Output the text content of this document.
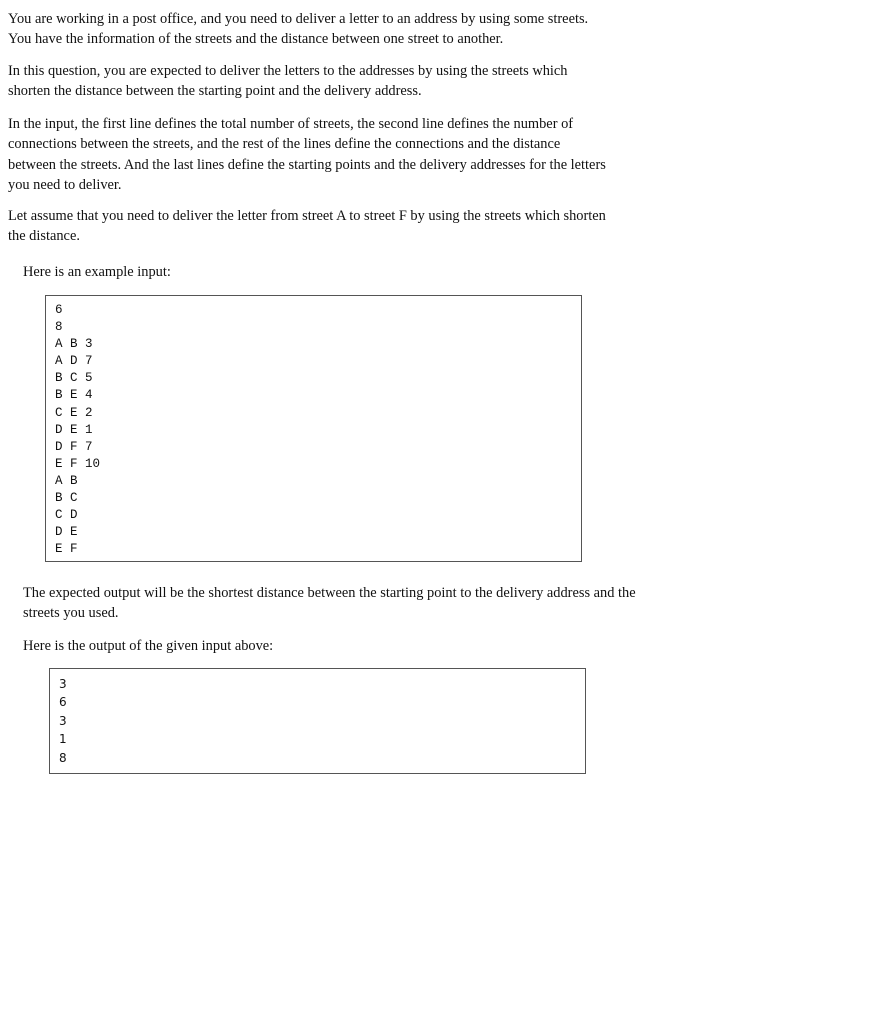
You are working in a post office, and you need to deliver a letter to an address by using some streets. You have the information of the streets and the distance between one street to another.

In this question, you are expected to deliver the letters to the addresses by using the streets which shorten the distance between the starting point and the delivery address.

In the input, the first line defines the total number of streets, the second line defines the number of connections between the streets, and the rest of the lines define the connections and the distance between the streets. And the last lines define the starting points and the delivery addresses for the letters you need to deliver.

Let assume that you need to deliver the letter from street A to street F by using the streets which shorten the distance.

Here is an example input:

6
8
A B 3
A D 7
B C 5
B E 4
C E 2
D E 1
D F 7
E F 10
A B
B C
C D
D E
E F

The expected output will be the shortest distance between the starting point to the delivery address and the streets you used.

Here is the output of the given input above:

3
6
3
1
8
